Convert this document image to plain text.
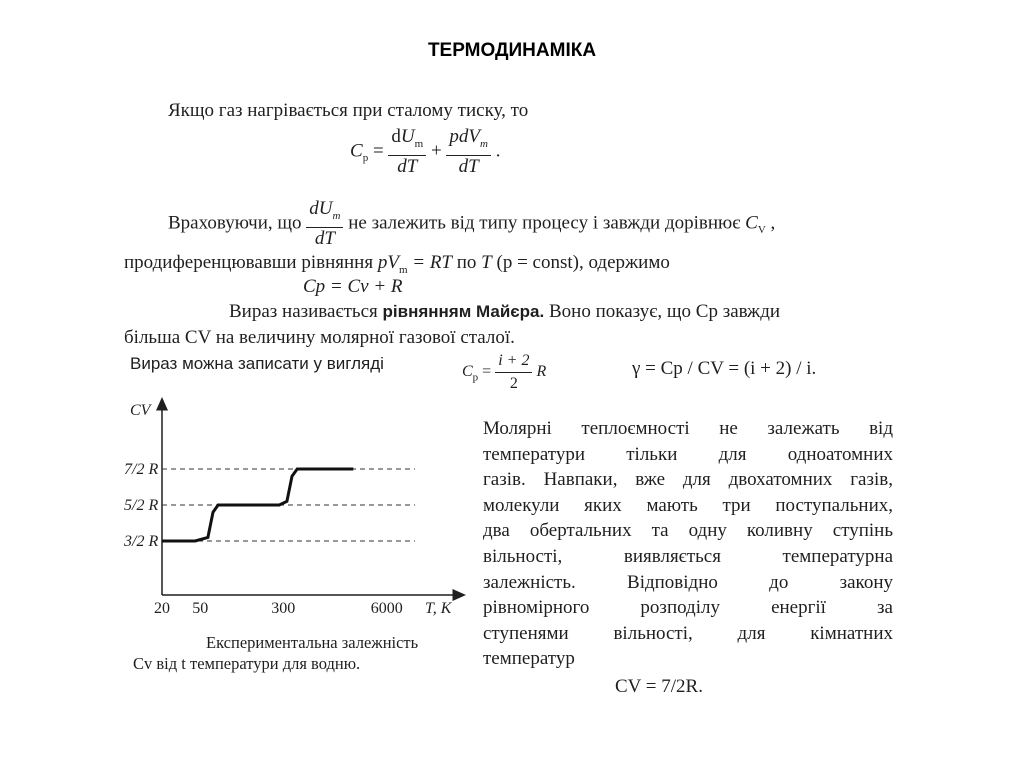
ТЕРМОДИНАМІКА
Якщо газ нагрівається при сталому тиску, то
$C_p = \frac{dU_m}{dT} + \frac{pdV_m}{dT}$ .
Враховуючи, що $\frac{dU_m}{dT}$ не залежить від типу процесу і завжди дорівнює $C_V$ ,
продиференцювавши рівняння $pV_m$ = RT по T (p = const), одержимо
Cp = Cv + R
Вираз називається рівнянням Майєра. Воно показує, що Cp завжди
більша CV на величину молярної газової сталої.
Вираз можна записати у вигляді	$C_p = \frac{i + 2}{2}$ R	γ = Cp / CV = (i + 2) / i.
CV
3/2 R
5/2 R
7/2 R
20 50	300	6000 T, K
Експериментальна залежність
Cv від t температури для водню.
Молярні теплоємності не залежать від
температури тільки для одноатомних
газів. Навпаки, вже для двохатомних газів,
молекули яких мають три поступальних,
два обертальних та одну коливну ступінь
вільності, виявляється температурна
залежність. Відповідно до закону
рівномірного розподілу енергії за
ступенями вільності, для кімнатних
температур
CV = 7/2R.
